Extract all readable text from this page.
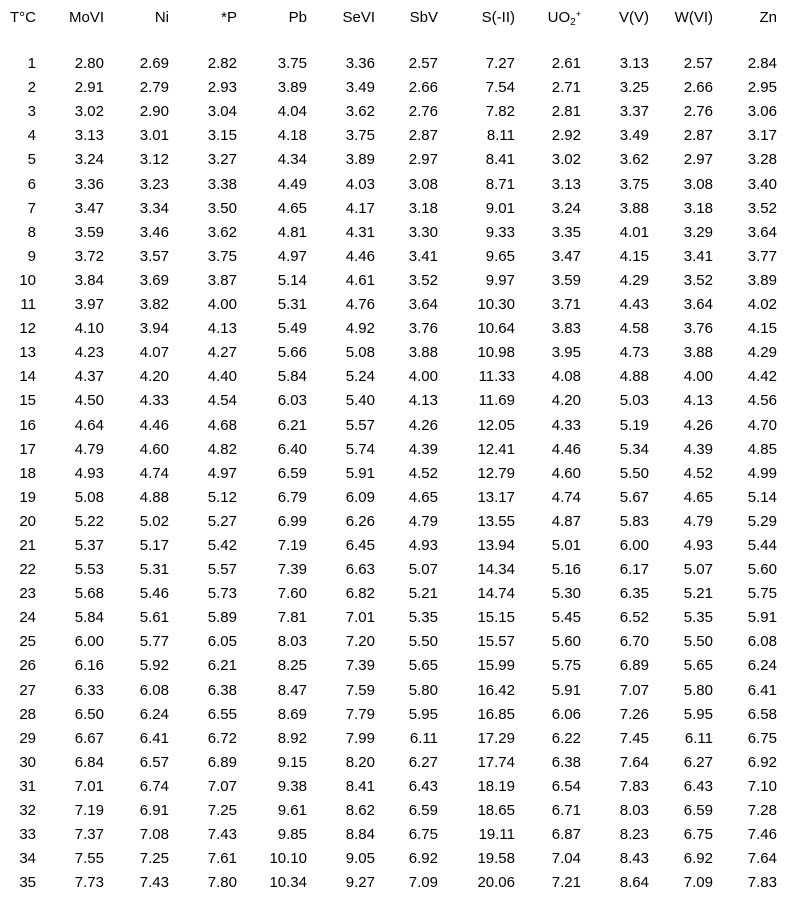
T°C	MoVI	Ni	*P	Pb	SeVI	SbV	S(-II)	$UO_2^+$	V(V)	W(VI)	Zn

1	2.80	2.69	2.82	3.75	3.36	2.57	7.27	2.61	3.13	2.57	2.84
2	2.91	2.79	2.93	3.89	3.49	2.66	7.54	2.71	3.25	2.66	2.95
3	3.02	2.90	3.04	4.04	3.62	2.76	7.82	2.81	3.37	2.76	3.06
4	3.13	3.01	3.15	4.18	3.75	2.87	8.11	2.92	3.49	2.87	3.17
5	3.24	3.12	3.27	4.34	3.89	2.97	8.41	3.02	3.62	2.97	3.28
6	3.36	3.23	3.38	4.49	4.03	3.08	8.71	3.13	3.75	3.08	3.40
7	3.47	3.34	3.50	4.65	4.17	3.18	9.01	3.24	3.88	3.18	3.52
8	3.59	3.46	3.62	4.81	4.31	3.30	9.33	3.35	4.01	3.29	3.64
9	3.72	3.57	3.75	4.97	4.46	3.41	9.65	3.47	4.15	3.41	3.77
10	3.84	3.69	3.87	5.14	4.61	3.52	9.97	3.59	4.29	3.52	3.89
11	3.97	3.82	4.00	5.31	4.76	3.64	10.30	3.71	4.43	3.64	4.02
12	4.10	3.94	4.13	5.49	4.92	3.76	10.64	3.83	4.58	3.76	4.15
13	4.23	4.07	4.27	5.66	5.08	3.88	10.98	3.95	4.73	3.88	4.29
14	4.37	4.20	4.40	5.84	5.24	4.00	11.33	4.08	4.88	4.00	4.42
15	4.50	4.33	4.54	6.03	5.40	4.13	11.69	4.20	5.03	4.13	4.56
16	4.64	4.46	4.68	6.21	5.57	4.26	12.05	4.33	5.19	4.26	4.70
17	4.79	4.60	4.82	6.40	5.74	4.39	12.41	4.46	5.34	4.39	4.85
18	4.93	4.74	4.97	6.59	5.91	4.52	12.79	4.60	5.50	4.52	4.99
19	5.08	4.88	5.12	6.79	6.09	4.65	13.17	4.74	5.67	4.65	5.14
20	5.22	5.02	5.27	6.99	6.26	4.79	13.55	4.87	5.83	4.79	5.29
21	5.37	5.17	5.42	7.19	6.45	4.93	13.94	5.01	6.00	4.93	5.44
22	5.53	5.31	5.57	7.39	6.63	5.07	14.34	5.16	6.17	5.07	5.60
23	5.68	5.46	5.73	7.60	6.82	5.21	14.74	5.30	6.35	5.21	5.75
24	5.84	5.61	5.89	7.81	7.01	5.35	15.15	5.45	6.52	5.35	5.91
25	6.00	5.77	6.05	8.03	7.20	5.50	15.57	5.60	6.70	5.50	6.08
26	6.16	5.92	6.21	8.25	7.39	5.65	15.99	5.75	6.89	5.65	6.24
27	6.33	6.08	6.38	8.47	7.59	5.80	16.42	5.91	7.07	5.80	6.41
28	6.50	6.24	6.55	8.69	7.79	5.95	16.85	6.06	7.26	5.95	6.58
29	6.67	6.41	6.72	8.92	7.99	6.11	17.29	6.22	7.45	6.11	6.75
30	6.84	6.57	6.89	9.15	8.20	6.27	17.74	6.38	7.64	6.27	6.92
31	7.01	6.74	7.07	9.38	8.41	6.43	18.19	6.54	7.83	6.43	7.10
32	7.19	6.91	7.25	9.61	8.62	6.59	18.65	6.71	8.03	6.59	7.28
33	7.37	7.08	7.43	9.85	8.84	6.75	19.11	6.87	8.23	6.75	7.46
34	7.55	7.25	7.61	10.10	9.05	6.92	19.58	7.04	8.43	6.92	7.64
35	7.73	7.43	7.80	10.34	9.27	7.09	20.06	7.21	8.64	7.09	7.83
